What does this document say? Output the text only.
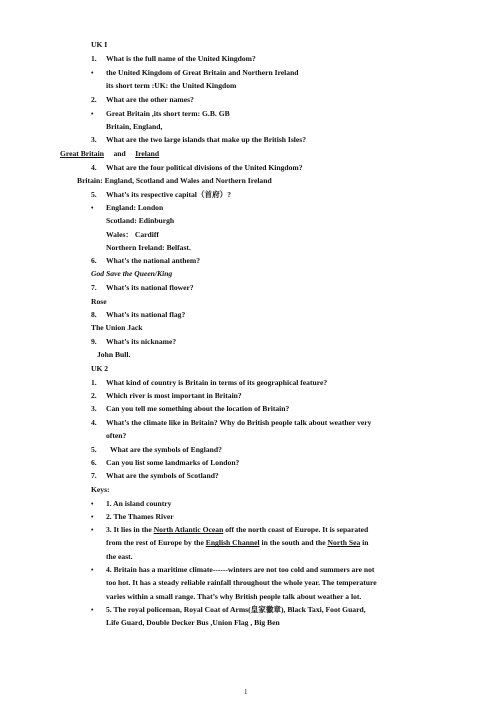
UK I
1. What is the full name of the United Kingdom?
• the United Kingdom of Great Britain and Northern Ireland
its short term :UK: the United Kingdom
2. What are the other names?
• Great Britain ,its short term: G.B. GB
Britain, England,
3. What are the two large islands that make up the British Isles?
Great Britain and Ireland
4. What are the four political divisions of the United Kingdom?
Britain: England, Scotland and Wales and Northern Ireland
5. What’s its respective capital（首府）?
• England: London
Scotland: Edinburgh
Wales： Cardiff
Northern Ireland: Belfast.
6. What’s the national anthem?
God Save the Queen/King
7. What’s its national flower?
Rose
8. What’s its national flag?
The Union Jack
9. What’s its nickname?
John Bull.
UK 2
1. What kind of country is Britain in terms of its geographical feature?
2. Which river is most important in Britain?
3. Can you tell me something about the location of Britain?
4. What’s the climate like in Britain? Why do British people talk about weather very
often?
5. What are the symbols of England?
6. Can you list some landmarks of London?
7. What are the symbols of Scotland?
Keys:
• 1. An island country
• 2. The Thames River
• 3. It lies in the North Atlantic Ocean off the north coast of Europe. It is separated
1
from the rest of Europe by the English Channel in the south and the North Sea in
the east.
• 4. Britain has a maritime climate------winters are not too cold and summers are not
too hot. It has a steady reliable rainfall throughout the whole year. The temperature
varies within a small range. That’s why British people talk about weather a lot.
• 5. The royal policeman, Royal Coat of Arms(皇家徽章), Black Taxi, Foot Guard,
Life Guard, Double Decker Bus ,Union Flag , Big Ben
